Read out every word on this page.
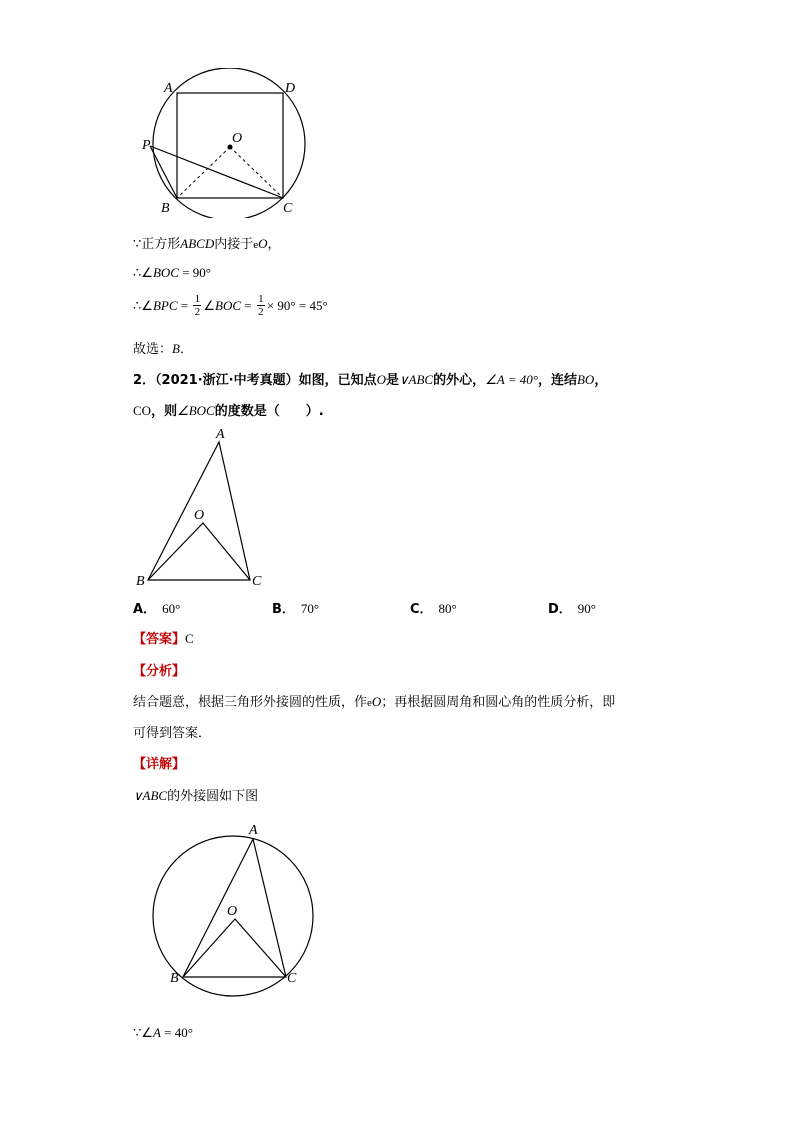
A	D
O
P
B	C
∵正方形ABCD内接于eO，
∴∠BOC = 90°
∴∠ BPC = 1
2 ∠ BOC = 1
2 × 90° = 45°
故选：B．
2．（2021·浙江·中考真题）如图，已知点O是∨ABC的外心，∠A = 40°，连结BO，
CO，则∠BOC的度数是（　　）.
A
O
B	C
A． 60°	B． 70°	C． 80°	D． 90°
【答案】C
【分析】
结合题意，根据三角形外接圆的性质，作eO；再根据圆周角和圆心角的性质分析，即
可得到答案．
【详解】
∨ABC的外接圆如下图
A
O
B	C
∵∠A = 40°
